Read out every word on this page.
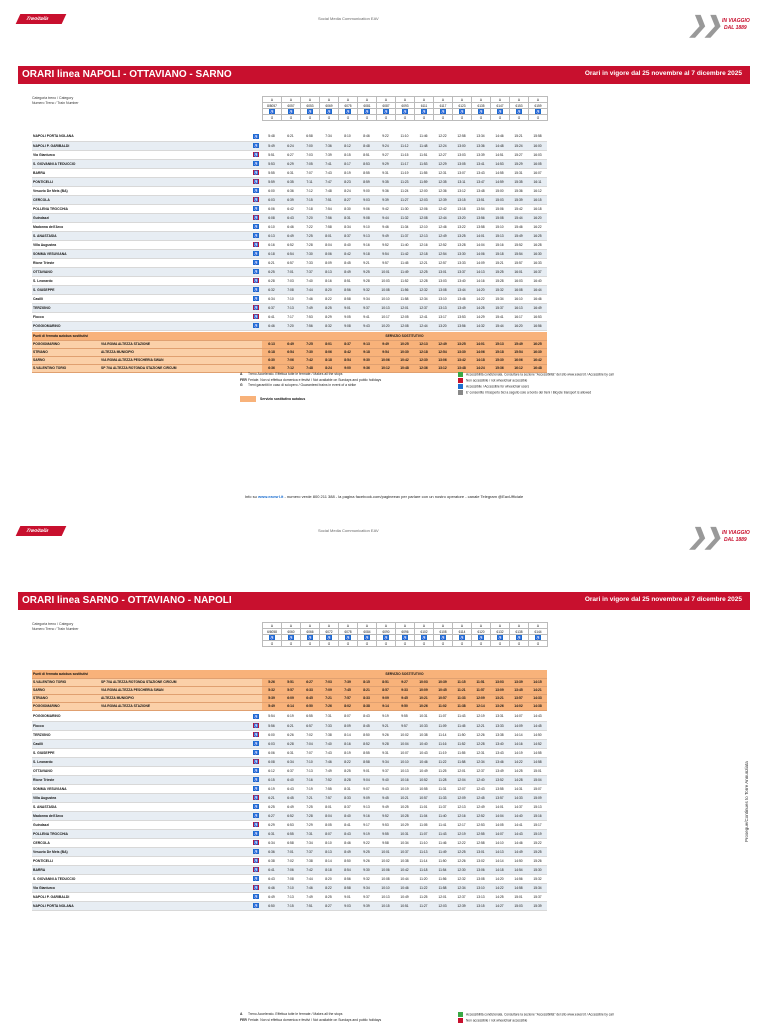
Trenitalia	Social Media Communication EAV	❯❯ IN VIAGGIO
DAL 1889
ORARI linea NAPOLI - OTTAVIANO - SARNO	Orari in vigore dal 25 novembre al 7 dicembre 2025
Categoria treno / Category
Numero Treno / Train Number
A	A	A	A	A	A	A	A	A	A	A	A	A	A	A
8/8057	6057	6053	6069	6075	6081	6087	6093	6111	6117	6123	6135	6147	6153	6159
♿	♿	♿	♿	♿	♿	♿	♿	♿	♿	♿	♿	♿	♿	♿
G	G	G	G	G	G	G	G	G	G	G	G	G	G	G
NAPOLI PORTA NOLANA	♿	5:48	6:21	6:58	7:34	8:10	8:46	9:22	11:10	11:46	12:22	12:58	13:34	14:46	15:21	15:58
NAPOLI P. GARIBALDI	♿	5:49	6:24	7:00	7:36	8:12	8:48	9:24	11:12	11:48	12:24	13:00	13:36	14:48	15:24	16:00
Via Gianturco	♿	5:51	6:27	7:03	7:39	8:15	8:51	9:27	11:15	11:51	12:27	13:03	13:39	14:51	15:27	16:03
S. GIOVANNI A TEDUCCIO	♿	5:53	6:29	7:05	7:41	8:17	8:53	9:29	11:17	11:53	12:29	13:05	13:41	14:53	15:29	16:05
BARRA	♿	5:55	6:31	7:07	7:43	8:19	8:55	9:31	11:19	11:55	12:31	13:07	13:43	14:55	15:31	16:07
PONTICELLI	♿	5:59	6:35	7:11	7:47	8:23	8:59	9:35	11:23	11:59	12:35	13:11	13:47	14:59	15:35	16:11
Vesuvio De Meis (BA)	♿	6:00	6:36	7:12	7:48	8:24	9:00	9:36	11:24	12:00	12:36	13:12	13:48	15:00	15:36	16:12
CERCOLA	♿	6:03	6:39	7:15	7:51	8:27	9:03	9:39	11:27	12:03	12:39	13:15	13:51	15:03	15:39	16:15
POLLENA TROCCHIA	♿	6:06	6:42	7:18	7:54	8:30	9:06	9:42	11:30	12:06	12:42	13:18	13:54	15:06	15:42	16:18
Guindazzi	♿	6:08	6:43	7:20	7:56	8:31	9:08	9:44	11:32	12:08	12:44	13:20	13:56	15:08	15:44	16:20
Madonna dell'Arco	♿	6:10	6:46	7:22	7:58	8:34	9:10	9:46	11:34	12:10	12:46	13:22	13:58	15:10	15:46	16:22
S. ANASTASIA	♿	6:13	6:49	7:25	8:01	8:37	9:13	9:49	11:37	12:13	12:49	13:25	14:01	15:13	15:49	16:25
Villa Augustea	♿	6:16	6:52	7:28	8:04	8:40	9:16	9:52	11:40	12:16	12:52	13:28	14:04	15:16	15:52	16:28
SOMMA VESUVIANA	♿	6:18	6:54	7:30	8:06	8:42	9:18	9:54	11:42	12:18	12:54	13:30	14:06	15:18	15:54	16:30
Rione Trieste	♿	6:21	6:57	7:33	8:09	8:45	9:21	9:57	11:45	12:21	12:57	13:33	14:09	15:21	15:57	16:33
OTTAVIANO	♿	6:25	7:01	7:37	8:13	8:49	9:25	10:01	11:49	12:25	13:01	13:37	14:13	15:25	16:01	16:37
S. Leonardo	♿	6:28	7:03	7:40	8:16	8:51	9:28	10:03	11:52	12:28	13:03	13:40	14:16	15:28	16:03	16:40
S. GIUSEPPE	♿	6:32	7:08	7:44	8:20	8:56	9:32	10:08	11:56	12:32	13:08	13:44	14:20	15:32	16:08	16:44
Casilli	♿	6:34	7:10	7:46	8:22	8:58	9:34	10:10	11:58	12:34	13:10	13:46	14:22	15:34	16:10	16:46
TERZIGNO	♿	6:37	7:13	7:49	8:25	9:01	9:37	10:13	12:01	12:37	13:13	13:49	14:25	15:37	16:13	16:49
Flocco	♿	6:41	7:17	7:53	8:29	9:05	9:41	10:17	12:05	12:41	13:17	13:53	14:29	15:41	16:17	16:53
POGGIOMARINO	♿	6:46	7:20	7:56	8:32	9:08	9:43	10:20	12:08	12:44	13:20	13:56	14:32	15:44	16:20	16:56
Punti di fermata autobus sostitutivi		SERVIZIO SOSTITUTIVO														
POGGIOMARINO	VIA ROMA ALTEZZA STAZIONE	6:13	6:49	7:25	8:01	8:37	9:13	9:49	10:25	12:13	12:49	13:25	14:01	15:13	15:49	16:25
STRIANO	ALTEZZA MUNICIPIO	6:18	6:54	7:30	8:06	8:42	9:18	9:54	10:30	12:18	12:54	13:30	14:06	15:18	15:54	16:30
SARNO	VIA ROMA ALTEZZA PESCHERIA SWAN	6:30	7:06	7:42	8:18	8:54	9:30	10:06	10:42	12:30	13:06	13:42	14:18	15:30	16:06	16:42
S.VALENTINO TORIO	SP 70A ALTEZZA ROTONDA STAZIONE CIRCUM	6:36	7:12	7:48	8:24	9:00	9:36	10:12	10:48	12:36	13:12	13:48	14:24	15:36	16:12	16:48
A Treno Accelerato. Effettua tutte le fermate / Makes all the stops
FERFeriale. Non si effettua domenica e festivi / Not available on Sundays and public holidays
G Treni garantiti in caso di sciopero / Guaranteed trains in event of a strike
Accessibilità condizionata. Consultare la sezione "Accessibilità" del sito www.eavsrl.it / Accessible by call
Non accessibile / not wheelchair accessible
Accessibile / Accessible for wheelchair users
E' consentito il trasporto bici a seguito solo a bordo dei treni / Bicycle transport is allowed
Servizio sostitutivo autobus
Info su www.eavsrl.it - numero verde 800 211 388 - la pagina facebook.com/pagineeav per parlare con un nostro operatore - canale Telegram @EavUfficiale
Trenitalia	Social Media Communication EAV	❯❯ IN VIAGGIO
DAL 1889
ORARI linea SARNO - OTTAVIANO - NAPOLI	Orari in vigore dal 25 novembre al 7 dicembre 2025
Categoria treno / Category
Numero Treno / Train Number
A	A	A	A	A	A	A	A	A	A	A	A	A	A	A
6/6058	6060	6066	6072	6078	6084	6090	6096	6102	6108	6114	6120	6132	6138	6144
♿	♿	♿	♿	♿	♿	♿	♿	♿	♿	♿	♿	♿	♿	♿
G	G	G	G	G	G	G	G	G	G	G	G	G	G	G
Punti di fermata autobus sostitutivi		SERVIZIO SOSTITUTIVO														
S.VALENTINO TORIO	SP 70A ALTEZZA ROTONDA STAZIONE CIRCUM	5:26	5:51	6:27	7:03	7:39	8:15	8:51	9:27	10:03	10:39	11:15	11:51	13:03	13:39	14:15
SARNO	VIA ROMA ALTEZZA PESCHERIA SWAN	5:32	5:57	6:33	7:09	7:45	8:21	8:57	9:33	10:09	10:45	11:21	11:57	13:09	13:45	14:21
STRIANO	ALTEZZA MUNICIPIO	5:39	6:09	6:45	7:21	7:57	8:33	9:09	9:45	10:21	10:57	11:33	12:09	13:21	13:57	14:33
POGGIOMARINO	VIA ROMA ALTEZZA STAZIONE	5:49	6:14	6:50	7:26	8:02	8:38	9:14	9:50	10:26	11:02	11:38	12:14	13:26	14:02	14:38
POGGIOMARINO	♿	5:54	6:19	6:55	7:31	8:07	8:43	9:19	9:55	10:31	11:07	11:43	12:19	13:31	14:07	14:43
Flocco	♿	5:56	6:21	6:57	7:33	8:09	8:45	9:21	9:57	10:33	11:09	11:45	12:21	13:33	14:09	14:45
TERZIGNO	♿	6:00	6:26	7:02	7:38	8:14	8:50	9:26	10:02	10:38	11:14	11:50	12:26	13:38	14:14	14:50
Casilli	♿	6:03	6:28	7:04	7:40	8:16	8:52	9:28	10:04	10:40	11:16	11:52	12:28	13:40	14:16	14:52
S. GIUSEPPE	♿	6:06	6:31	7:07	7:43	8:19	8:55	9:31	10:07	10:43	11:19	11:55	12:31	13:43	14:19	14:55
S. Leonardo	♿	6:08	6:34	7:10	7:46	8:22	8:58	9:34	10:10	10:46	11:22	11:58	12:34	13:46	14:22	14:58
OTTAVIANO	♿	6:12	6:37	7:13	7:49	8:25	9:01	9:37	10:13	10:49	11:25	12:01	12:37	13:49	14:25	15:01
Rione Trieste	♿	6:15	6:40	7:16	7:52	8:28	9:04	9:40	10:16	10:52	11:28	12:04	12:40	13:52	14:28	15:04
SOMMA VESUVIANA	♿	6:19	6:43	7:19	7:55	8:31	9:07	9:43	10:19	10:55	11:31	12:07	12:43	13:55	14:31	15:07
Villa Augustea	♿	6:21	6:45	7:21	7:57	8:33	9:09	9:45	10:21	10:57	11:33	12:09	12:45	13:57	14:33	15:09
S. ANASTASIA	♿	6:25	6:49	7:25	8:01	8:37	9:13	9:49	10:25	11:01	11:37	12:13	12:49	14:01	14:37	15:13
Madonna dell'Arco	♿	6:27	6:52	7:28	8:04	8:40	9:16	9:52	10:28	11:04	11:40	12:16	12:52	14:04	14:40	15:16
Guindazzi	♿	6:29	6:53	7:29	8:05	8:41	9:17	9:53	10:29	11:05	11:41	12:17	12:53	14:05	14:41	15:17
POLLENA TROCCHIA	♿	6:31	6:55	7:31	8:07	8:43	9:19	9:55	10:31	11:07	11:43	12:19	12:55	14:07	14:43	15:19
CERCOLA	♿	6:34	6:58	7:34	8:10	8:46	9:22	9:58	10:34	11:10	11:46	12:22	12:58	14:10	14:46	15:22
Vesuvio De Meis (BA)	♿	6:36	7:01	7:37	8:13	8:49	9:25	10:01	10:37	11:13	11:49	12:25	13:01	14:13	14:49	15:25
PONTICELLI	♿	6:38	7:02	7:38	8:14	8:50	9:26	10:02	10:38	11:14	11:50	12:26	13:02	14:14	14:50	15:26
BARRA	♿	6:41	7:06	7:42	8:18	8:54	9:30	10:06	10:42	11:18	11:54	12:30	13:06	14:18	14:54	15:30
S. GIOVANNI A TEDUCCIO	♿	6:43	7:08	7:44	8:20	8:56	9:32	10:08	10:44	11:20	11:56	12:32	13:08	14:20	14:56	15:32
Via Gianturco	♿	6:46	7:10	7:46	8:22	8:58	9:34	10:10	10:46	11:22	11:58	12:34	13:10	14:22	14:58	15:34
NAPOLI P. GARIBALDI	♿	6:49	7:13	7:49	8:25	9:01	9:37	10:13	10:49	11:25	12:01	12:37	13:13	14:25	15:01	15:37
NAPOLI PORTA NOLANA	♿	6:50	7:15	7:51	8:27	9:03	9:39	10:15	10:51	11:27	12:03	12:39	13:15	14:27	15:03	15:39
Prosegue/Continues to Torre Annunziata
A Treno Accelerato. Effettua tutte le fermate / Makes all the stops
FERFeriale. Non si effettua domenica e festivi / Not available on Sundays and public holidays
Accessibilità condizionata. Consultare la sezione "Accessibilità" del sito www.eavsrl.it / Accessible by call
Non accessibile / not wheelchair accessible
